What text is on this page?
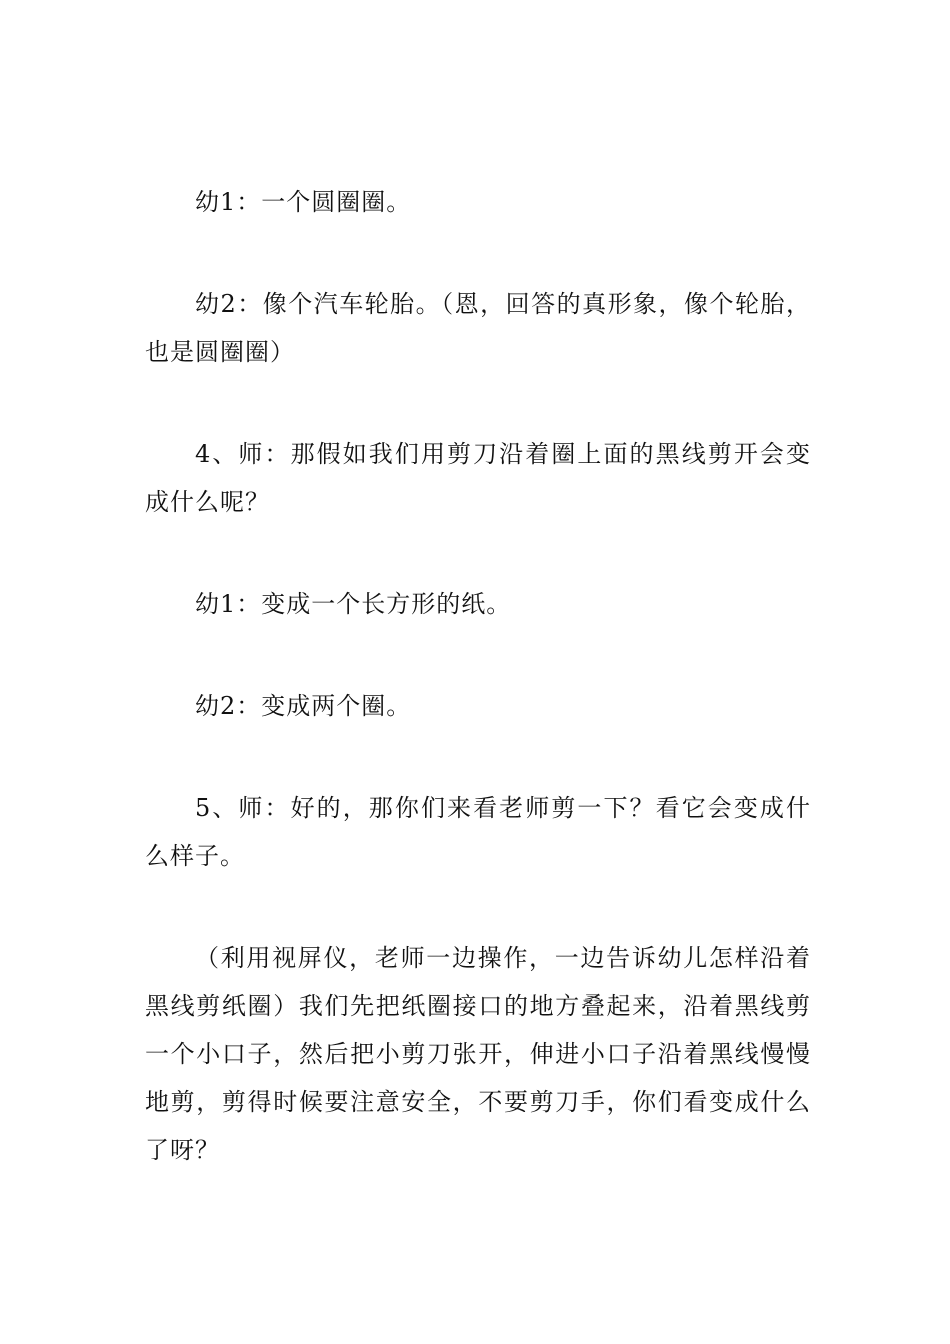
幼1：一个圆圈圈。

幼2：像个汽车轮胎。（恩，回答的真形象，像个轮胎，也是圆圈圈）

4、师：那假如我们用剪刀沿着圈上面的黑线剪开会变成什么呢？

幼1：变成一个长方形的纸。

幼2：变成两个圈。

5、师：好的，那你们来看老师剪一下？看它会变成什么样子。

（利用视屏仪，老师一边操作，一边告诉幼儿怎样沿着黑线剪纸圈）我们先把纸圈接口的地方叠起来，沿着黑线剪一个小口子，然后把小剪刀张开，伸进小口子沿着黑线慢慢地剪，剪得时候要注意安全，不要剪刀手，你们看变成什么了呀？
